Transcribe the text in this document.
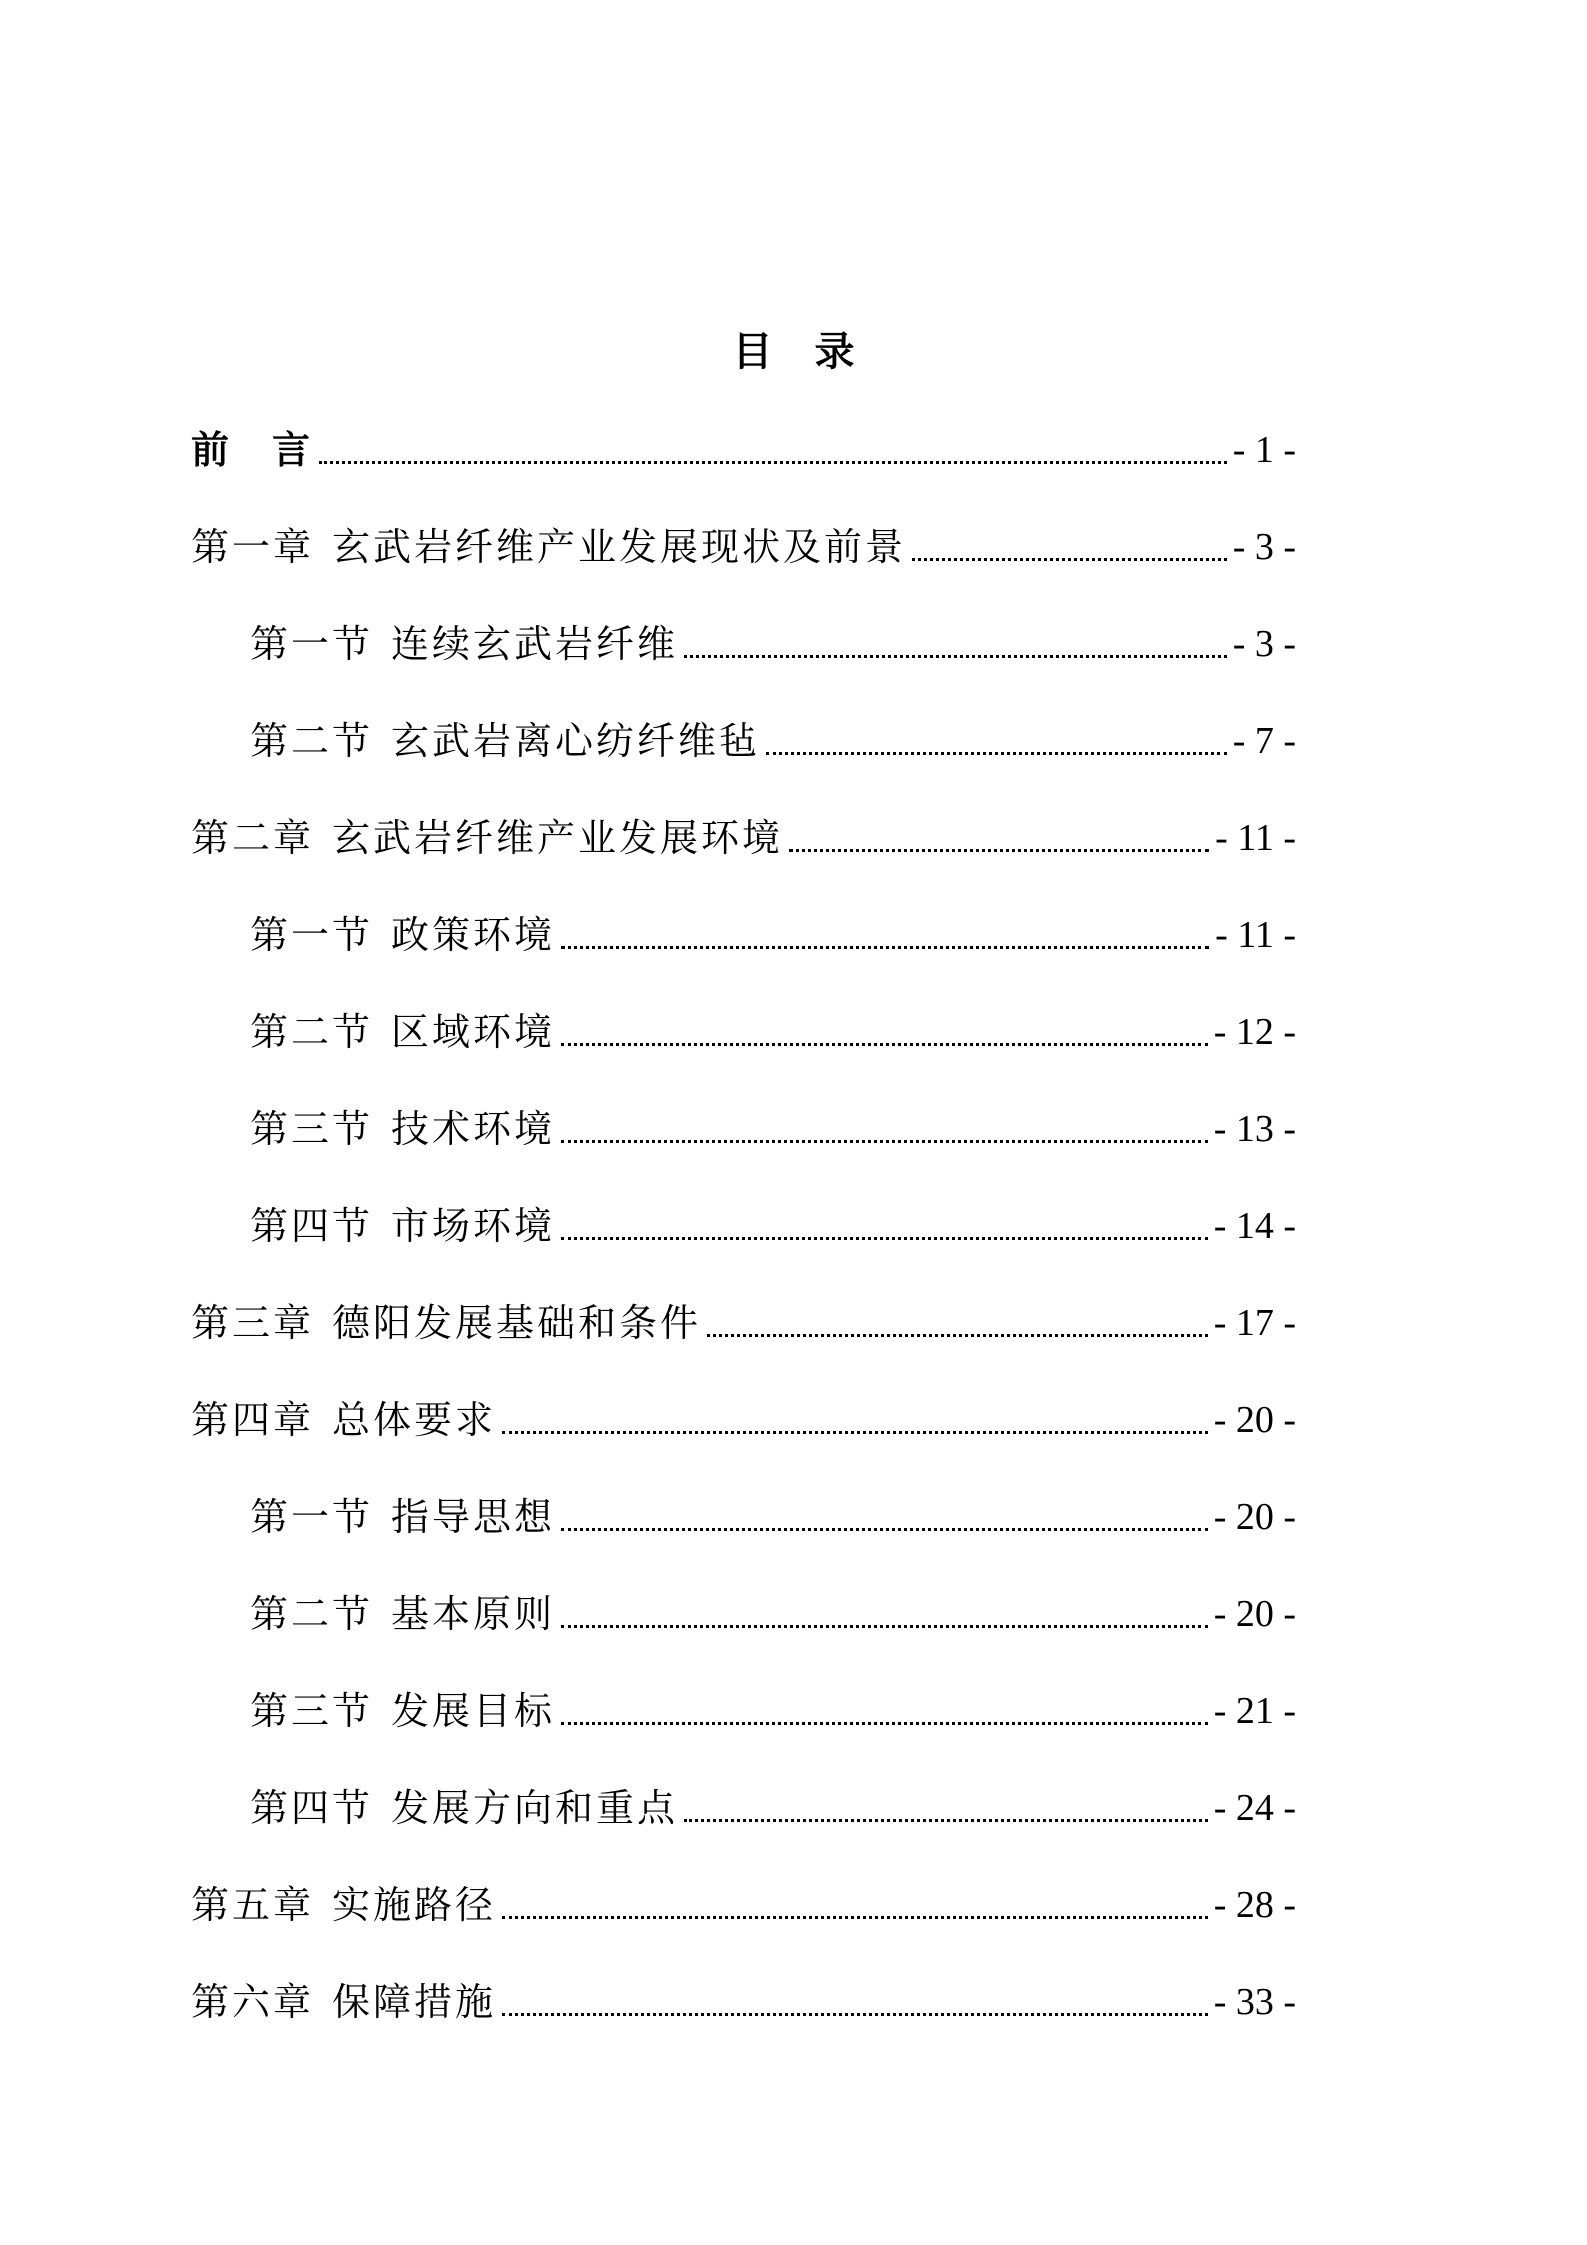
目 录
前 言	- 1 -
第一章 玄武岩纤维产业发展现状及前景	- 3 -
第一节 连续玄武岩纤维	- 3 -
第二节 玄武岩离心纺纤维毡	- 7 -
第二章 玄武岩纤维产业发展环境	- 11 -
第一节 政策环境	- 11 -
第二节 区域环境	- 12 -
第三节 技术环境	- 13 -
第四节 市场环境	- 14 -
第三章 德阳发展基础和条件	- 17 -
第四章 总体要求	- 20 -
第一节 指导思想	- 20 -
第二节 基本原则	- 20 -
第三节 发展目标	- 21 -
第四节 发展方向和重点	- 24 -
第五章 实施路径	- 28 -
第六章 保障措施	- 33 -
